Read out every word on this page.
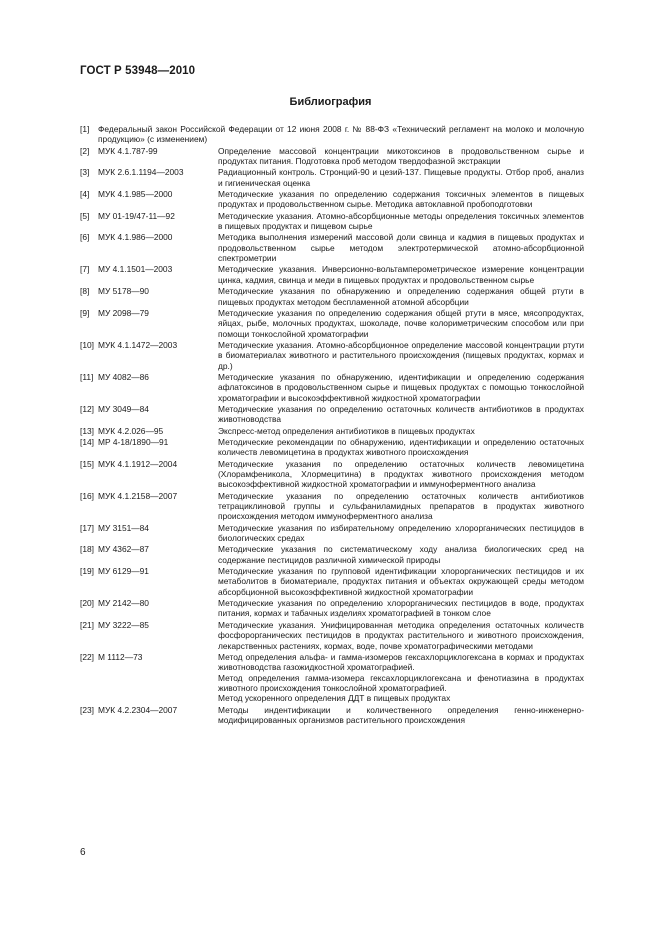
ГОСТ Р 53948—2010
Библиография
[1]	Федеральный закон Российской Федерации от 12 июня 2008 г. № 88-ФЗ «Технический регламент на молоко и молочную продукцию» (с изменением)
[2]	МУК 4.1.787-99	Определение массовой концентрации микотоксинов в продовольственном сырье и продуктах питания. Подготовка проб методом твердофазной экстракции
[3]	МУК 2.6.1.1194—2003	Радиационный контроль. Стронций-90 и цезий-137. Пищевые продукты. Отбор проб, анализ и гигиеническая оценка
[4]	МУК 4.1.985—2000	Методические указания по определению содержания токсичных элементов в пищевых продуктах и продовольственном сырье. Методика автоклавной пробоподготовки
[5]	МУ 01-19/47-11—92	Методические указания. Атомно-абсорбционные методы определения токсичных элементов в пищевых продуктах и пищевом сырье
[6]	МУК 4.1.986—2000	Методика выполнения измерений массовой доли свинца и кадмия в пищевых продуктах и продовольственном сырье методом электротермической атомно-абсорбционной спектрометрии
[7]	МУ 4.1.1501—2003	Методические указания. Инверсионно-вольтамперометрическое измерение концентрации цинка, кадмия, свинца и меди в пищевых продуктах и продовольственном сырье
[8]	МУ 5178—90	Методические указания по обнаружению и определению содержания общей ртути в пищевых продуктах методом беспламенной атомной абсорбции
[9]	МУ 2098—79	Методические указания по определению содержания общей ртути в мясе, мясопродуктах, яйцах, рыбе, молочных продуктах, шоколаде, почве колориметрическим способом или при помощи тонкослойной хроматографии
[10] МУК 4.1.1472—2003	Методические указания. Атомно-абсорбционное определение массовой концентрации ртути в биоматериалах животного и растительного происхождения (пищевых продуктах, кормах и др.)
[11] МУ 4082—86	Методические указания по обнаружению, идентификации и определению содержания афлатоксинов в продовольственном сырье и пищевых продуктах с помощью тонкослойной хроматографии и высокоэффективной жидкостной хроматографии
[12] МУ 3049—84	Методические указания по определению остаточных количеств антибиотиков в продуктах животноводства
[13] МУК 4.2.026—95	Экспресс-метод определения антибиотиков в пищевых продуктах
[14] МР 4-18/1890—91	Методические рекомендации по обнаружению, идентификации и определению остаточных количеств левомицетина в продуктах животного происхождения
[15] МУК 4.1.1912—2004	Методические указания по определению остаточных количеств левомицетина (Хлорамфеникола, Хлормецитина) в продуктах животного происхождения методом высокоэффективной жидкостной хроматографии и иммуноферментного анализа
[16] МУК 4.1.2158—2007	Методические указания по определению остаточных количеств антибиотиков тетрациклиновой группы и сульфаниламидных препаратов в продуктах животного происхождения методом иммуноферментного анализа
[17] МУ 3151—84	Методические указания по избирательному определению хлорорганических пестицидов в биологических средах
[18] МУ 4362—87	Методические указания по систематическому ходу анализа биологических сред на содержание пестицидов различной химической природы
[19] МУ 6129—91	Методические указания по групповой идентификации хлорорганических пестицидов и их метаболитов в биоматериале, продуктах питания и объектах окружающей среды методом абсорбционной высокоэффективной жидкостной хроматографии
[20] МУ 2142—80	Методические указания по определению хлорорганических пестицидов в воде, продуктах питания, кормах и табачных изделиях хроматографией в тонком слое
[21] МУ 3222—85	Методические указания. Унифицированная методика определения остаточных количеств фосфорорганических пестицидов в продуктах растительного и животного происхождения, лекарственных растениях, кормах, воде, почве хроматографическими методами
[22] М 1112—73	Метод определения альфа- и гамма-изомеров гексахлорциклогексана в кормах и продуктах животноводства газожидкостной хроматографией.
Метод определения гамма-изомера гексахлорциклогексана и фенотиазина в продуктах животного происхождения тонкослойной хроматографией.
Метод ускоренного определения ДДТ в пищевых продуктах
[23] МУК 4.2.2304—2007	Методы индентификации и количественного определения генно-инженерно-модифицированных организмов растительного происхождения
6
